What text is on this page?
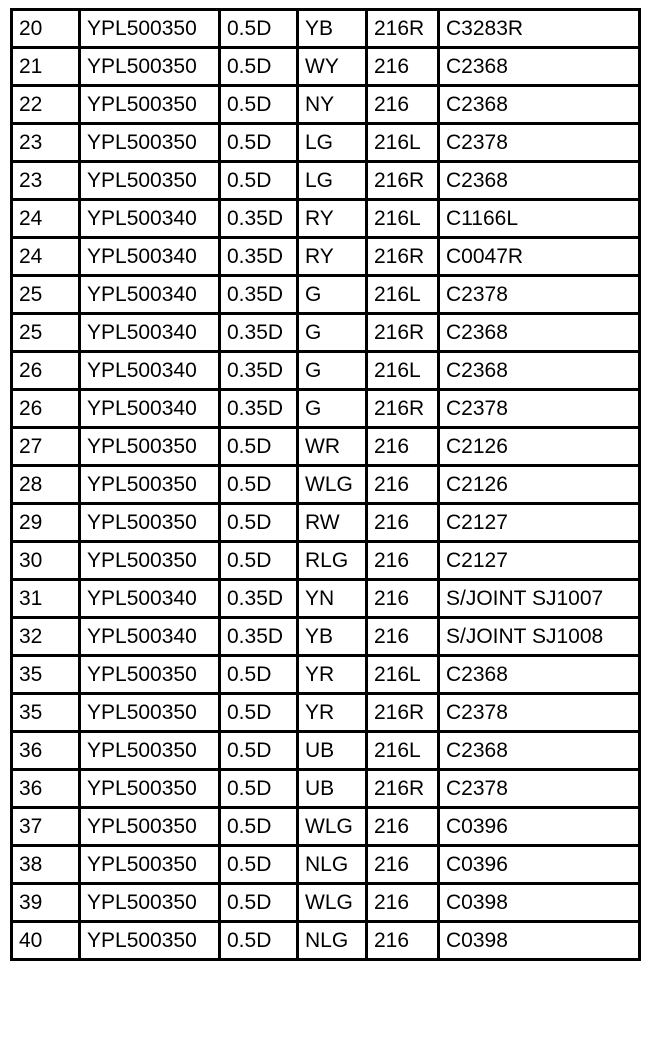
20	YPL500350	0.5D	YB	216R	C3283R
21	YPL500350	0.5D	WY	216	C2368
22	YPL500350	0.5D	NY	216	C2368
23	YPL500350	0.5D	LG	216L	C2378
23	YPL500350	0.5D	LG	216R	C2368
24	YPL500340	0.35D	RY	216L	C1166L
24	YPL500340	0.35D	RY	216R	C0047R
25	YPL500340	0.35D	G	216L	C2378
25	YPL500340	0.35D	G	216R	C2368
26	YPL500340	0.35D	G	216L	C2368
26	YPL500340	0.35D	G	216R	C2378
27	YPL500350	0.5D	WR	216	C2126
28	YPL500350	0.5D	WLG	216	C2126
29	YPL500350	0.5D	RW	216	C2127
30	YPL500350	0.5D	RLG	216	C2127
31	YPL500340	0.35D	YN	216	S/JOINT SJ1007
32	YPL500340	0.35D	YB	216	S/JOINT SJ1008
35	YPL500350	0.5D	YR	216L	C2368
35	YPL500350	0.5D	YR	216R	C2378
36	YPL500350	0.5D	UB	216L	C2368
36	YPL500350	0.5D	UB	216R	C2378
37	YPL500350	0.5D	WLG	216	C0396
38	YPL500350	0.5D	NLG	216	C0396
39	YPL500350	0.5D	WLG	216	C0398
40	YPL500350	0.5D	NLG	216	C0398
